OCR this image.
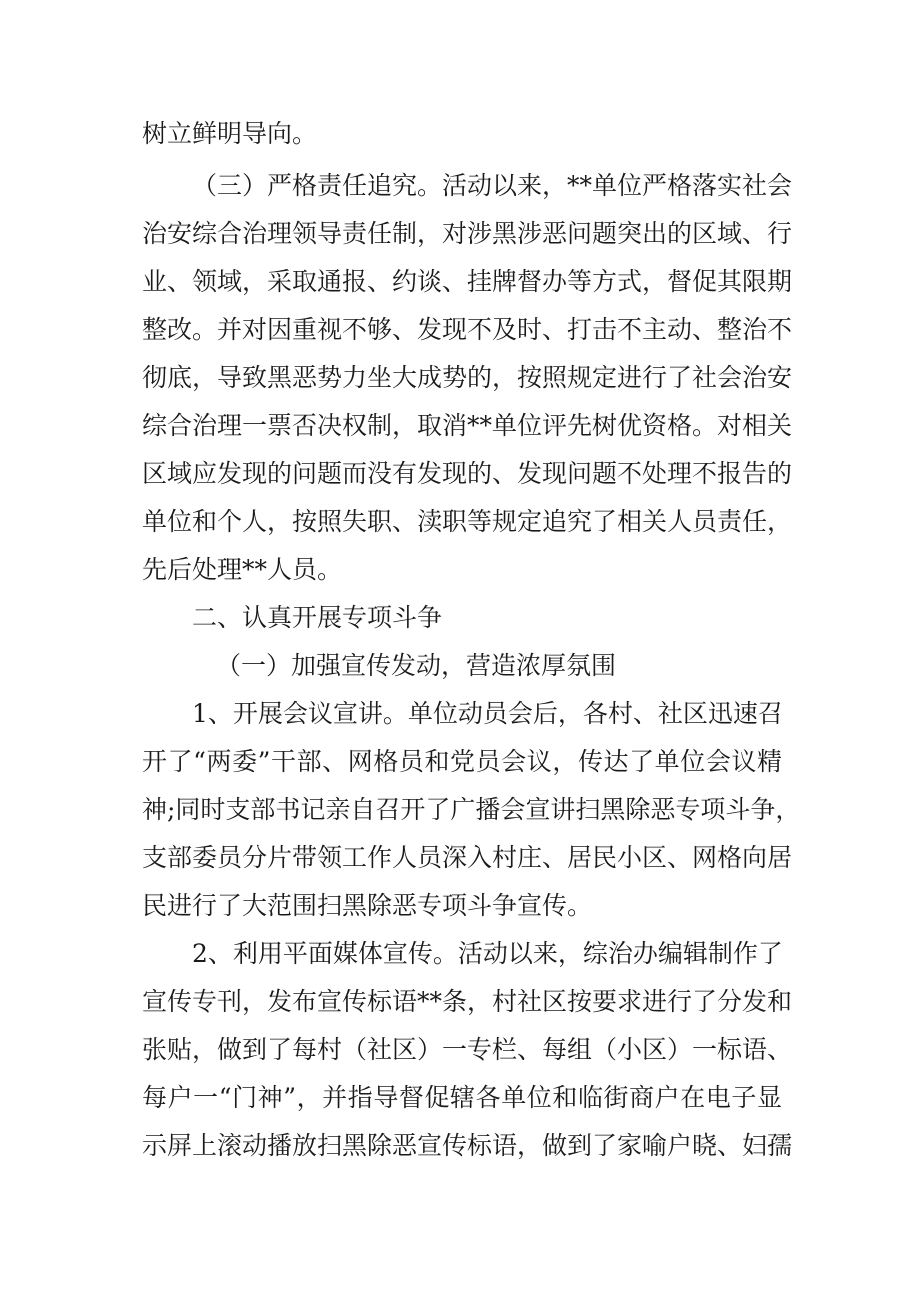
树立鲜明导向。
（三）严格责任追究。活动以来，**单位严格落实社会
治安综合治理领导责任制，对涉黑涉恶问题突出的区域、行
业、领域，采取通报、约谈、挂牌督办等方式，督促其限期
整改。并对因重视不够、发现不及时、打击不主动、整治不
彻底，导致黑恶势力坐大成势的，按照规定进行了社会治安
综合治理一票否决权制，取消**单位评先树优资格。对相关
区域应发现的问题而没有发现的、发现问题不处理不报告的
单位和个人，按照失职、渎职等规定追究了相关人员责任，
先后处理**人员。
二、认真开展专项斗争
（一）加强宣传发动，营造浓厚氛围
1、开展会议宣讲。单位动员会后，各村、社区迅速召
开了“两委”干部、网格员和党员会议，传达了单位会议精
神;同时支部书记亲自召开了广播会宣讲扫黑除恶专项斗争，
支部委员分片带领工作人员深入村庄、居民小区、网格向居
民进行了大范围扫黑除恶专项斗争宣传。
2、利用平面媒体宣传。活动以来，综治办编辑制作了
宣传专刊，发布宣传标语**条，村社区按要求进行了分发和
张贴，做到了每村（社区）一专栏、每组（小区）一标语、
每户一“门神”，并指导督促辖各单位和临街商户在电子显
示屏上滚动播放扫黑除恶宣传标语，做到了家喻户晓、妇孺
